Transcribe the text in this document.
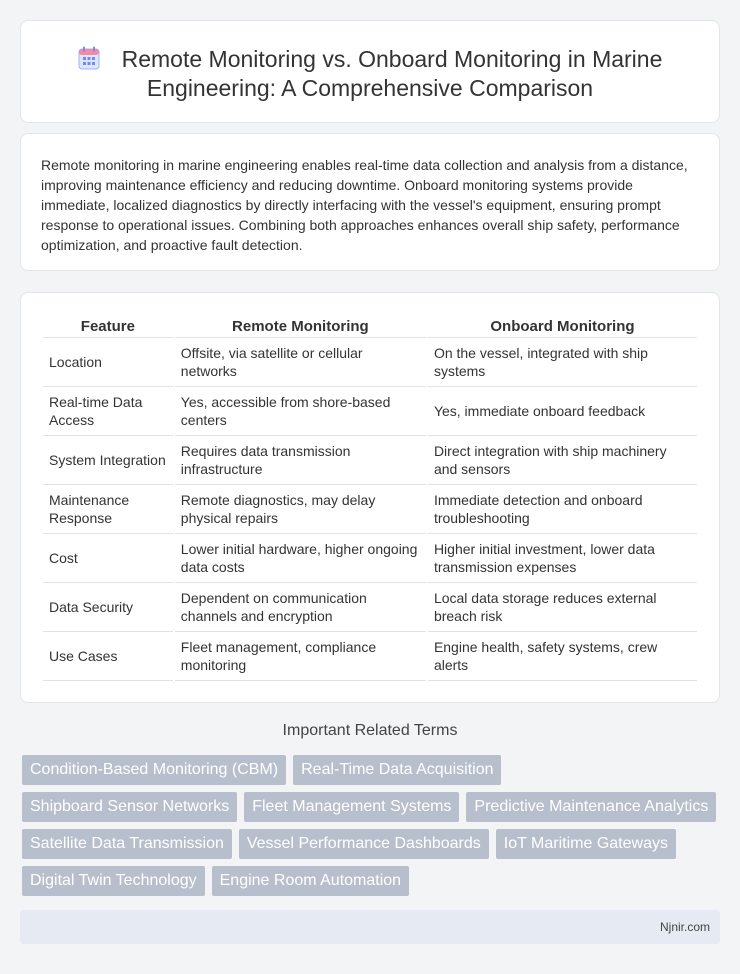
Remote Monitoring vs. Onboard Monitoring in Marine
Engineering: A Comprehensive Comparison

Remote monitoring in marine engineering enables real-time data collection and analysis from a distance, improving maintenance efficiency and reducing downtime. Onboard monitoring systems provide immediate, localized diagnostics by directly interfacing with the vessel's equipment, ensuring prompt response to operational issues. Combining both approaches enhances overall ship safety, performance optimization, and proactive fault detection.

Feature	Remote Monitoring	Onboard Monitoring
Location	Offsite, via satellite or cellular networks	On the vessel, integrated with ship systems
Real-time Data Access	Yes, accessible from shore-based centers	Yes, immediate onboard feedback
System Integration	Requires data transmission infrastructure	Direct integration with ship machinery and sensors
Maintenance Response	Remote diagnostics, may delay physical repairs	Immediate detection and onboard troubleshooting
Cost	Lower initial hardware, higher ongoing data costs	Higher initial investment, lower data transmission expenses
Data Security	Dependent on communication channels and encryption	Local data storage reduces external breach risk
Use Cases	Fleet management, compliance monitoring	Engine health, safety systems, crew alerts
Important Related Terms
Condition-Based Monitoring (CBM)	Real-Time Data Acquisition
Shipboard Sensor Networks	Fleet Management Systems	Predictive Maintenance Analytics
Satellite Data Transmission	Vessel Performance Dashboards	IoT Maritime Gateways
Digital Twin Technology	Engine Room Automation
Njnir.com
